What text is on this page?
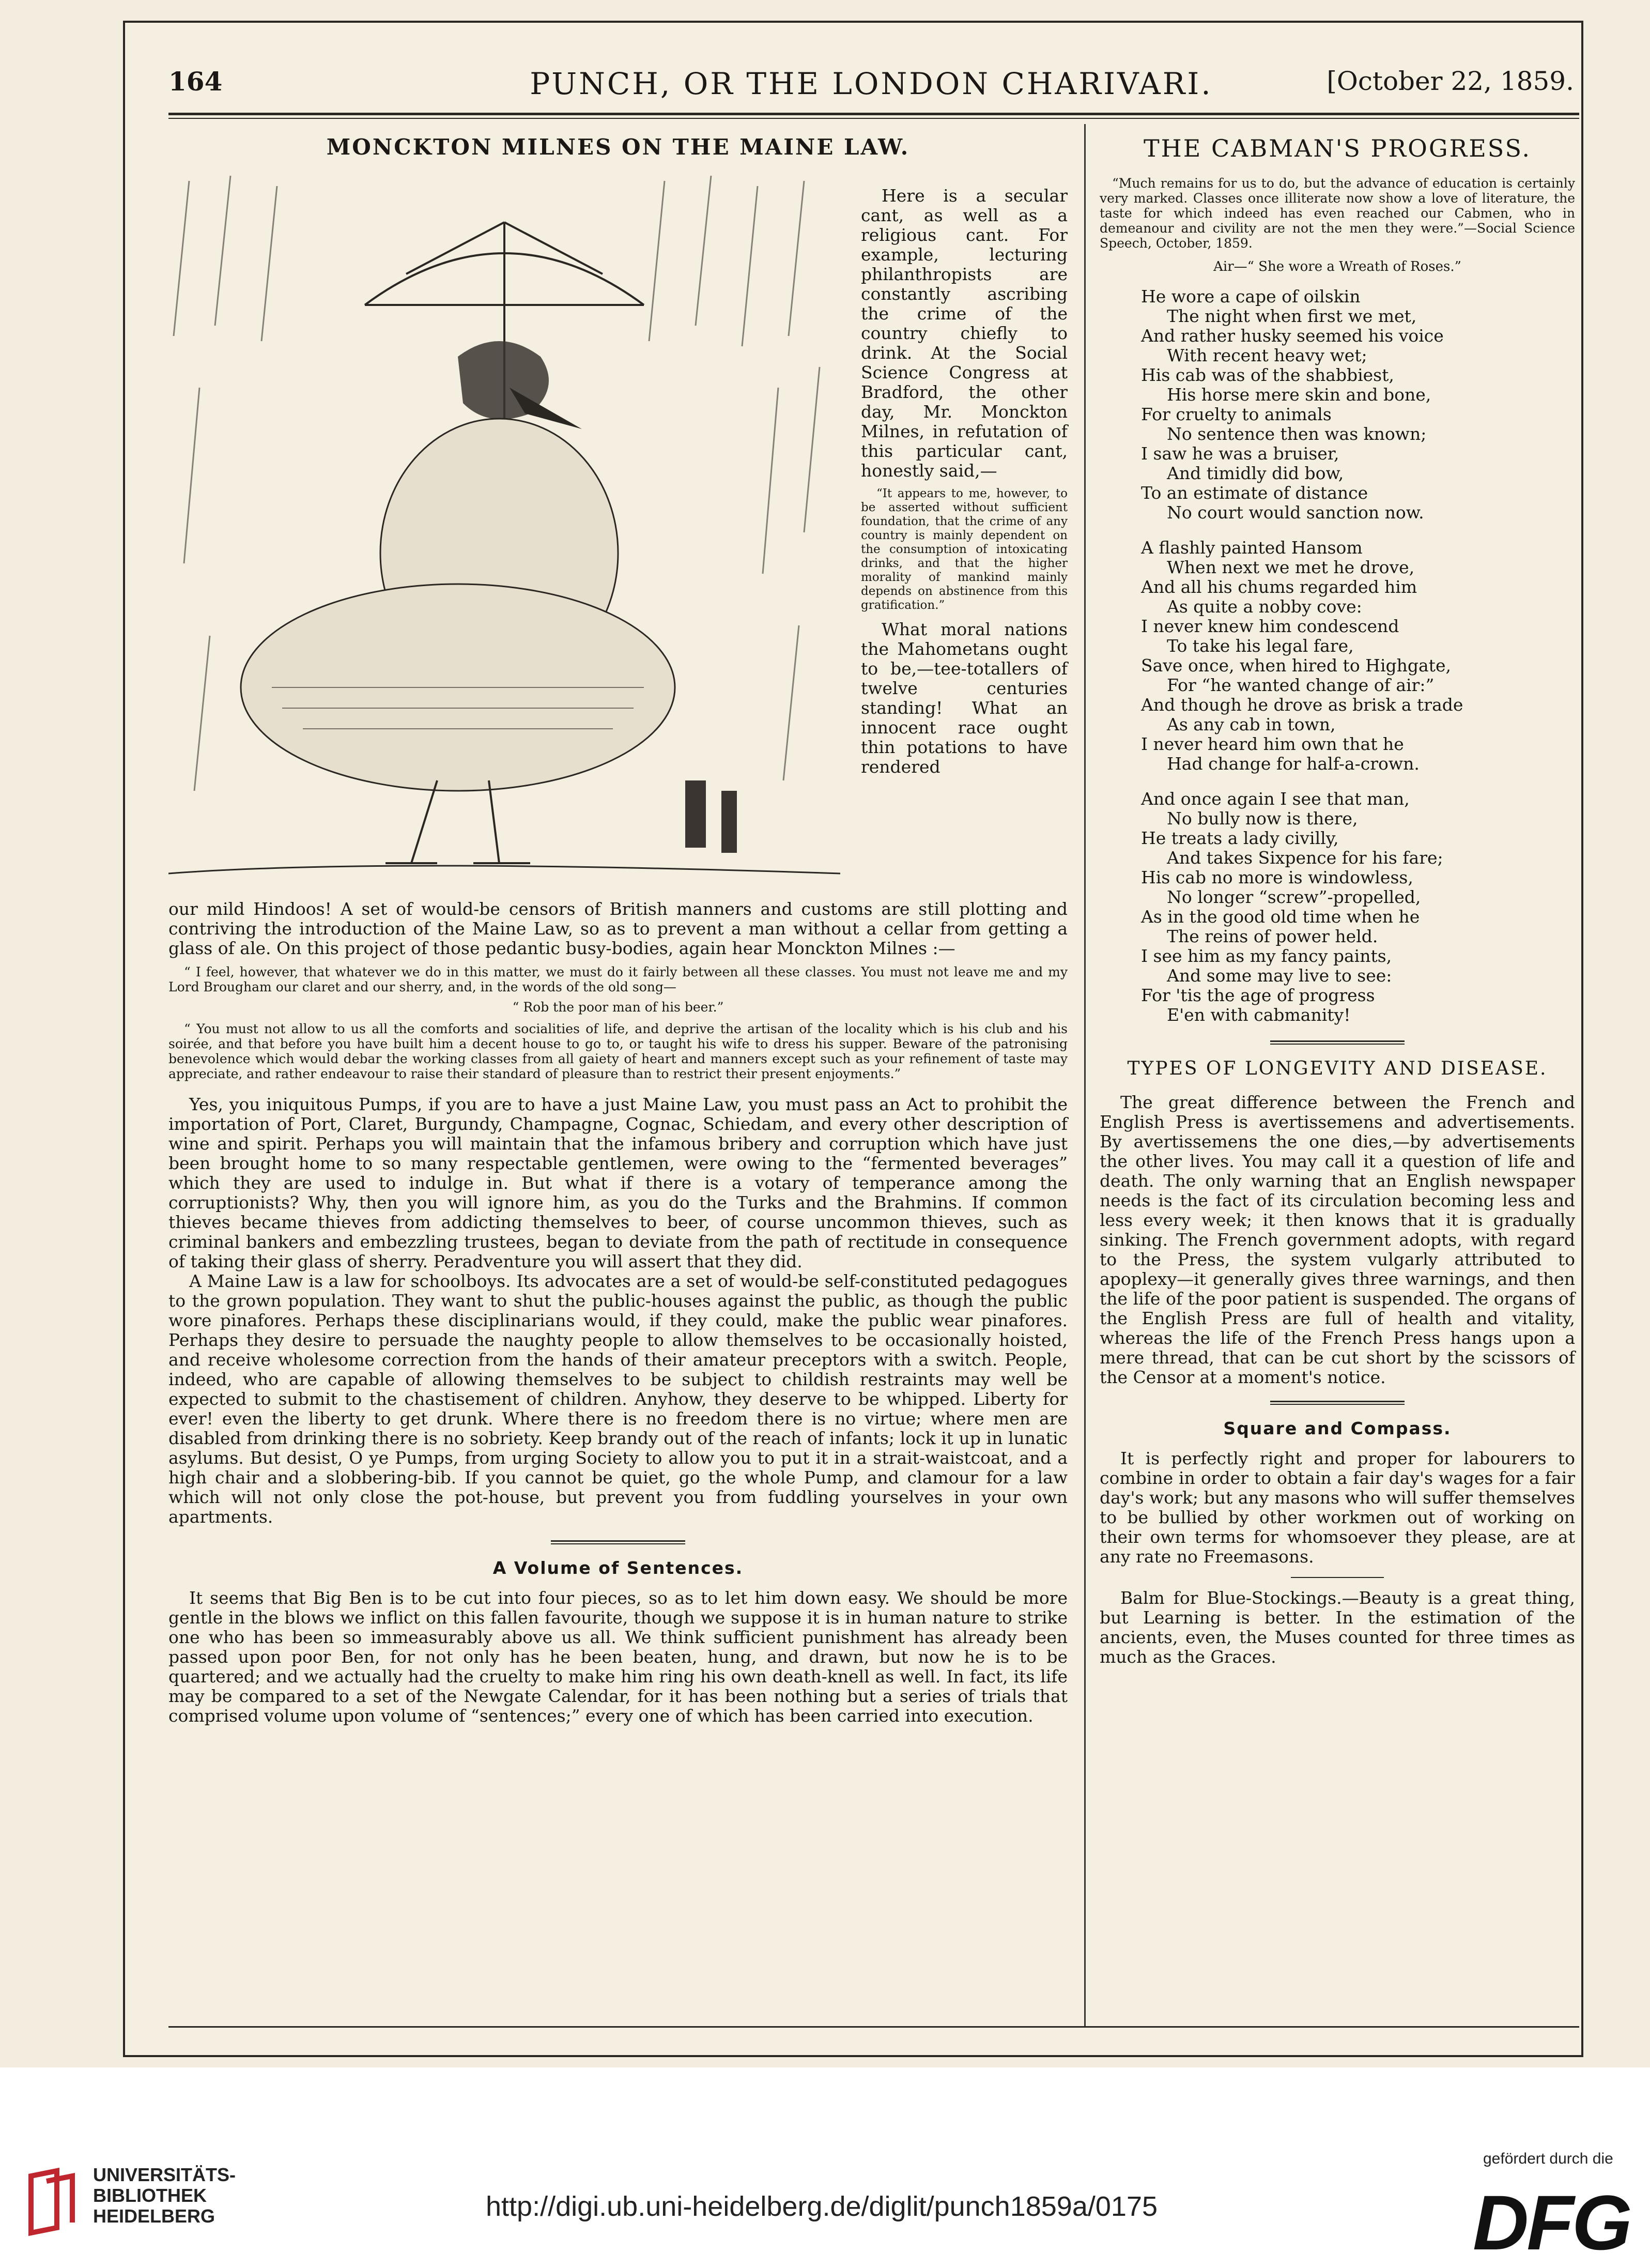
164	PUNCH, OR THE LONDON CHARIVARI.	[October 22, 1859.
MONCKTON MILNES ON THE MAINE LAW.

Here is a secular cant, as well as a religious cant. For example, lecturing philanthropists are constantly ascribing the crime of the country chiefly to drink. At the Social Science Congress at Bradford, the other day, Mr. Monckton Milnes, in refutation of this particular cant, honestly said,—

“It appears to me, however, to be asserted without sufficient foundation, that the crime of any country is mainly dependent on the consumption of intoxicating drinks, and that the higher morality of mankind mainly depends on abstinence from this gratification.”

What moral nations the Mahometans ought to be,—tee-totallers of twelve centuries standing! What an innocent race ought thin potations to have rendered

our mild Hindoos! A set of would-be censors of British manners and customs are still plotting and contriving the introduction of the Maine Law, so as to prevent a man without a cellar from getting a glass of ale. On this project of those pedantic busy-bodies, again hear Monckton Milnes :—

“ I feel, however, that whatever we do in this matter, we must do it fairly between all these classes. You must not leave me and my Lord Brougham our claret and our sherry, and, in the words of the old song—

“ Rob the poor man of his beer.”

“ You must not allow to us all the comforts and socialities of life, and deprive the artisan of the locality which is his club and his soirée, and that before you have built him a decent house to go to, or taught his wife to dress his supper. Beware of the patronising benevolence which would debar the working classes from all gaiety of heart and manners except such as your refinement of taste may appreciate, and rather endeavour to raise their standard of pleasure than to restrict their present enjoyments.”

Yes, you iniquitous Pumps, if you are to have a just Maine Law, you must pass an Act to prohibit the importation of Port, Claret, Burgundy, Champagne, Cognac, Schiedam, and every other description of wine and spirit. Perhaps you will maintain that the infamous bribery and corruption which have just been brought home to so many respectable gentlemen, were owing to the “fermented beverages” which they are used to indulge in. But what if there is a votary of temperance among the corruptionists? Why, then you will ignore him, as you do the Turks and the Brahmins. If common thieves became thieves from addicting themselves to beer, of course uncommon thieves, such as criminal bankers and embezzling trustees, began to deviate from the path of rectitude in consequence of taking their glass of sherry. Peradventure you will assert that they did.

A Maine Law is a law for schoolboys. Its advocates are a set of would-be self-constituted pedagogues to the grown population. They want to shut the public-houses against the public, as though the public wore pinafores. Perhaps these disciplinarians would, if they could, make the public wear pinafores. Perhaps they desire to persuade the naughty people to allow themselves to be occasionally hoisted, and receive wholesome correction from the hands of their amateur preceptors with a switch. People, indeed, who are capable of allowing themselves to be subject to childish restraints may well be expected to submit to the chastisement of children. Anyhow, they deserve to be whipped. Liberty for ever! even the liberty to get drunk. Where there is no freedom there is no virtue; where men are disabled from drinking there is no sobriety. Keep brandy out of the reach of infants; lock it up in lunatic asylums. But desist, O ye Pumps, from urging Society to allow you to put it in a strait-waistcoat, and a high chair and a slobbering-bib. If you cannot be quiet, go the whole Pump, and clamour for a law which will not only close the pot-house, but prevent you from fuddling yourselves in your own apartments.

A Volume of Sentences.

It seems that Big Ben is to be cut into four pieces, so as to let him down easy. We should be more gentle in the blows we inflict on this fallen favourite, though we suppose it is in human nature to strike one who has been so immeasurably above us all. We think sufficient punishment has already been passed upon poor Ben, for not only has he been beaten, hung, and drawn, but now he is to be quartered; and we actually had the cruelty to make him ring his own death-knell as well. In fact, its life may be compared to a set of the Newgate Calendar, for it has been nothing but a series of trials that comprised volume upon volume of “sentences;” every one of which has been carried into execution.

THE CABMAN'S PROGRESS.

“Much remains for us to do, but the advance of education is certainly very marked. Classes once illiterate now show a love of literature, the taste for which indeed has even reached our Cabmen, who in demeanour and civility are not the men they were.”—Social Science Speech, October, 1859.

Air—“ She wore a Wreath of Roses.”
He wore a cape of oilskin
The night when first we met,
And rather husky seemed his voice
With recent heavy wet;
His cab was of the shabbiest,
His horse mere skin and bone,
For cruelty to animals
No sentence then was known;
I saw he was a bruiser,
And timidly did bow,
To an estimate of distance
No court would sanction now.
A flashly painted Hansom
When next we met he drove,
And all his chums regarded him
As quite a nobby cove:
I never knew him condescend
To take his legal fare,
Save once, when hired to Highgate,
For “he wanted change of air:”
And though he drove as brisk a trade
As any cab in town,
I never heard him own that he
Had change for half-a-crown.
And once again I see that man,
No bully now is there,
He treats a lady civilly,
And takes Sixpence for his fare;
His cab no more is windowless,
No longer “screw”-propelled,
As in the good old time when he
The reins of power held.
I see him as my fancy paints,
And some may live to see:
For 'tis the age of progress
E'en with cabmanity!
TYPES OF LONGEVITY AND DISEASE.

The great difference between the French and English Press is avertissemens and advertisements. By avertissemens the one dies,—by advertisements the other lives. You may call it a question of life and death. The only warning that an English newspaper needs is the fact of its circulation becoming less and less every week; it then knows that it is gradually sinking. The French government adopts, with regard to the Press, the system vulgarly attributed to apoplexy—it generally gives three warnings, and then the life of the poor patient is suspended. The organs of the English Press are full of health and vitality, whereas the life of the French Press hangs upon a mere thread, that can be cut short by the scissors of the Censor at a moment's notice.

Square and Compass.

It is perfectly right and proper for labourers to combine in order to obtain a fair day's wages for a fair day's work; but any masons who will suffer themselves to be bullied by other workmen out of working on their own terms for whomsoever they please, are at any rate no Freemasons.

Balm for Blue-Stockings.—Beauty is a great thing, but Learning is better. In the estimation of the ancients, even, the Muses counted for three times as much as the Graces.

UNIVERSITÄTS-
BIBLIOTHEK
HEIDELBERG	http://digi.ub.uni-heidelberg.de/diglit/punch1859a/0175
gefördert durch die
DFG
